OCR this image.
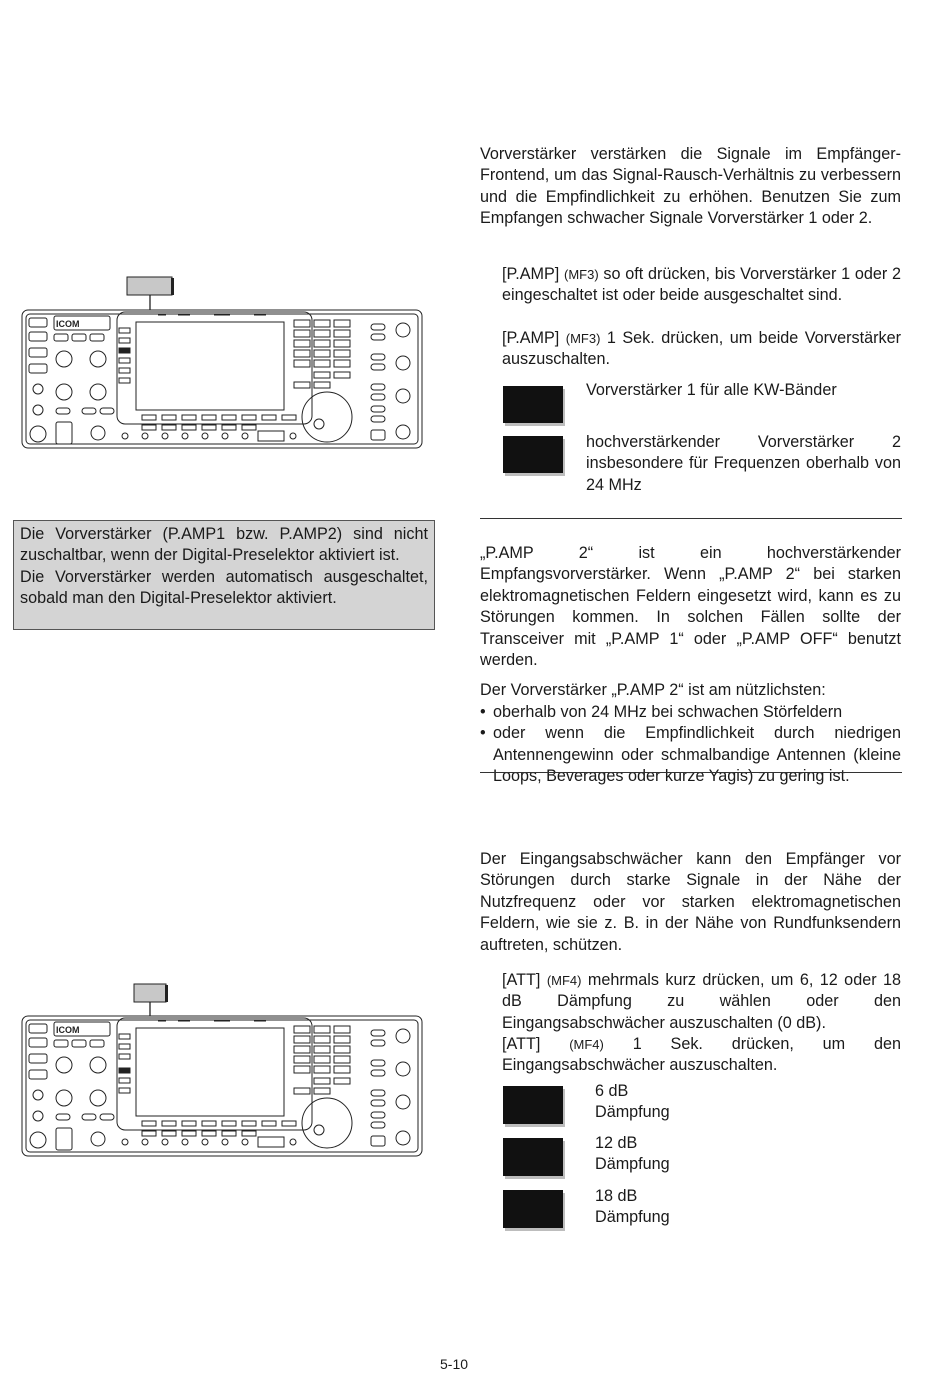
Vorverstärker verstärken die Signale im Empfänger-Frontend, um das Signal-Rausch-Verhältnis zu verbessern und die Empfindlichkeit zu erhöhen. Benutzen Sie zum Empfangen schwacher Signale Vorverstärker 1 oder 2.
[P.AMP] (MF3) so oft drücken, bis Vorverstärker 1 oder 2 eingeschaltet ist oder beide ausgeschaltet sind.
[P.AMP] (MF3) 1 Sek. drücken, um beide Vorverstärker auszuschalten.
Vorverstärker 1 für alle KW-Bänder
hochverstärkender Vorverstärker 2 insbesondere für Frequenzen oberhalb von 24 MHz

„P.AMP 2“ ist ein hochverstärkender Empfangsvorverstärker. Wenn „P.AMP 2“ bei starken elektromagnetischen Feldern eingesetzt wird, kann es zu Störungen kommen. In solchen Fällen sollte der Transceiver mit „P.AMP 1“ oder „P.AMP OFF“ benutzt werden.

Der Vorverstärker „P.AMP 2“ ist am nützlichsten:

• oberhalb von 24 MHz bei schwachen Störfeldern
• oder wenn die Empfindlichkeit durch niedrigen Antennengewinn oder schmalbandige Antennen (kleine Loops, Beverages oder kurze Yagis) zu gering ist.

Die Vorverstärker (P.AMP1 bzw. P.AMP2) sind nicht zuschaltbar, wenn der Digital-Preselektor aktiviert ist.

Die Vorverstärker werden automatisch ausgeschaltet, sobald man den Digital-Preselektor aktiviert.

Der Eingangsabschwächer kann den Empfänger vor Störungen durch starke Signale in der Nähe der Nutzfrequenz oder vor starken elektromagnetischen Feldern, wie sie z. B. in der Nähe von Rundfunksendern auftreten, schützen.
[ATT] (MF4) mehrmals kurz drücken, um 6, 12 oder 18 dB Dämpfung zu wählen oder den Eingangsabschwächer auszuschalten (0 dB).
[ATT] (MF4) 1 Sek. drücken, um den Eingangsabschwächer auszuschalten.
6 dB
Dämpfung
12 dB
Dämpfung
18 dB
Dämpfung
5-10
ICOM
ICOM
